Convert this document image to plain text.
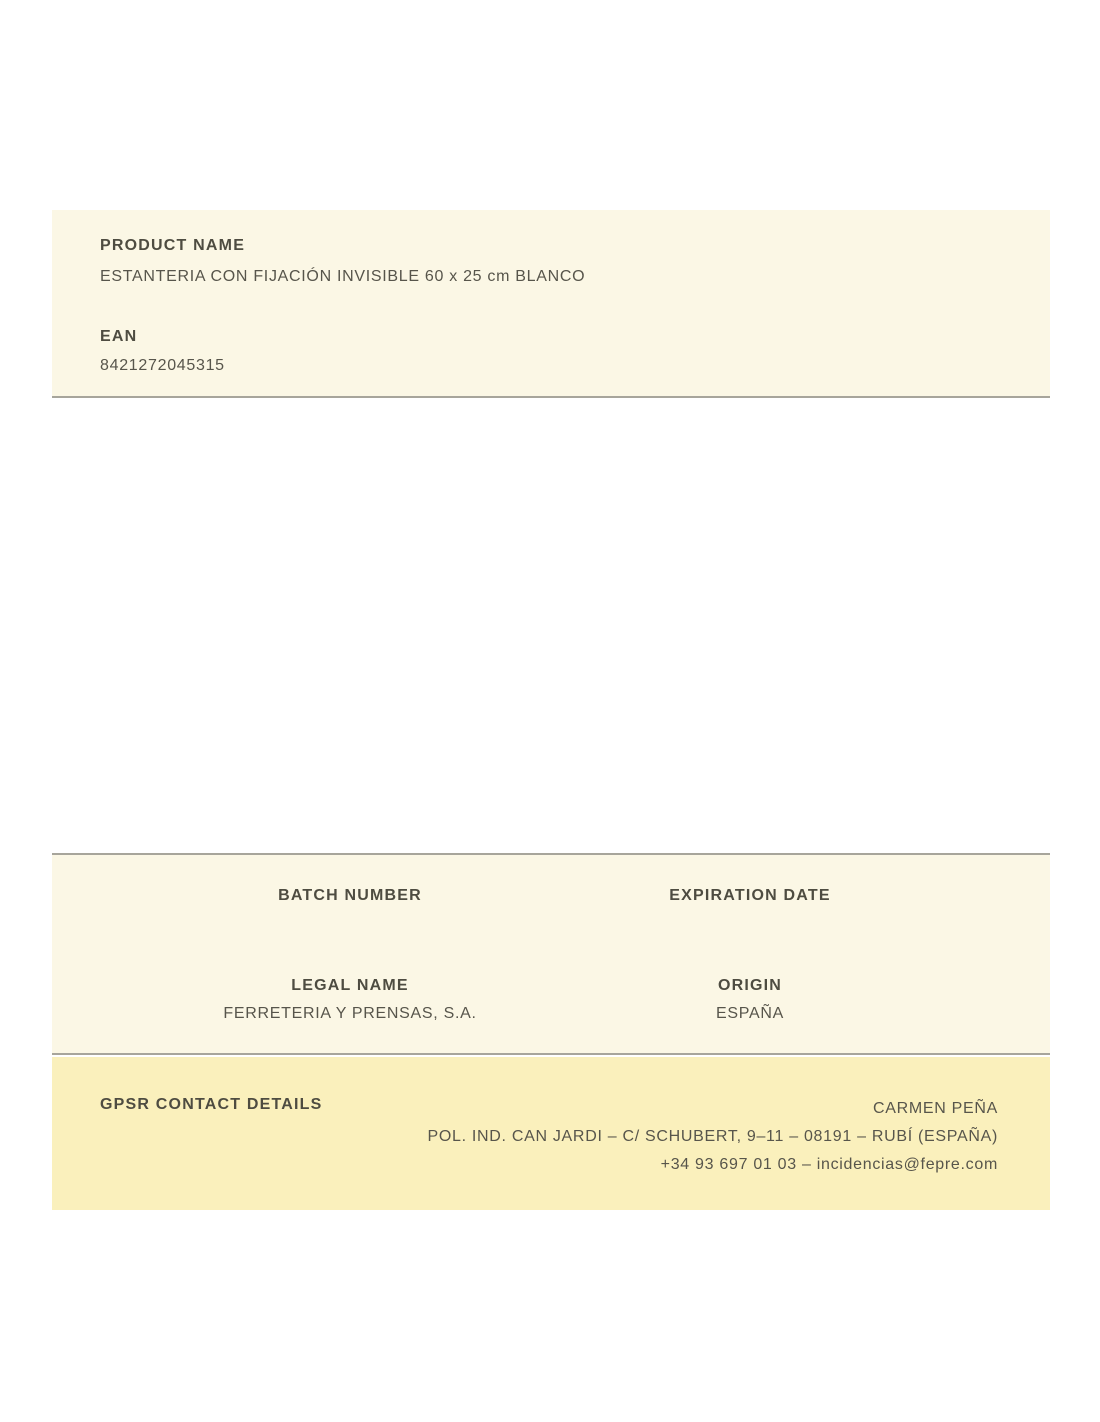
PRODUCT NAME
ESTANTERIA CON FIJACIÓN INVISIBLE 60 x 25 cm BLANCO
EAN
8421272045315
BATCH NUMBER	EXPIRATION DATE
LEGAL NAME	ORIGIN
FERRETERIA Y PRENSAS, S.A.	ESPAÑA
GPSR CONTACT DETAILS	CARMEN PEÑA
POL. IND. CAN JARDI – C/ SCHUBERT, 9–11 – 08191 – RUBÍ (ESPAÑA)
+34 93 697 01 03 – incidencias@fepre.com
